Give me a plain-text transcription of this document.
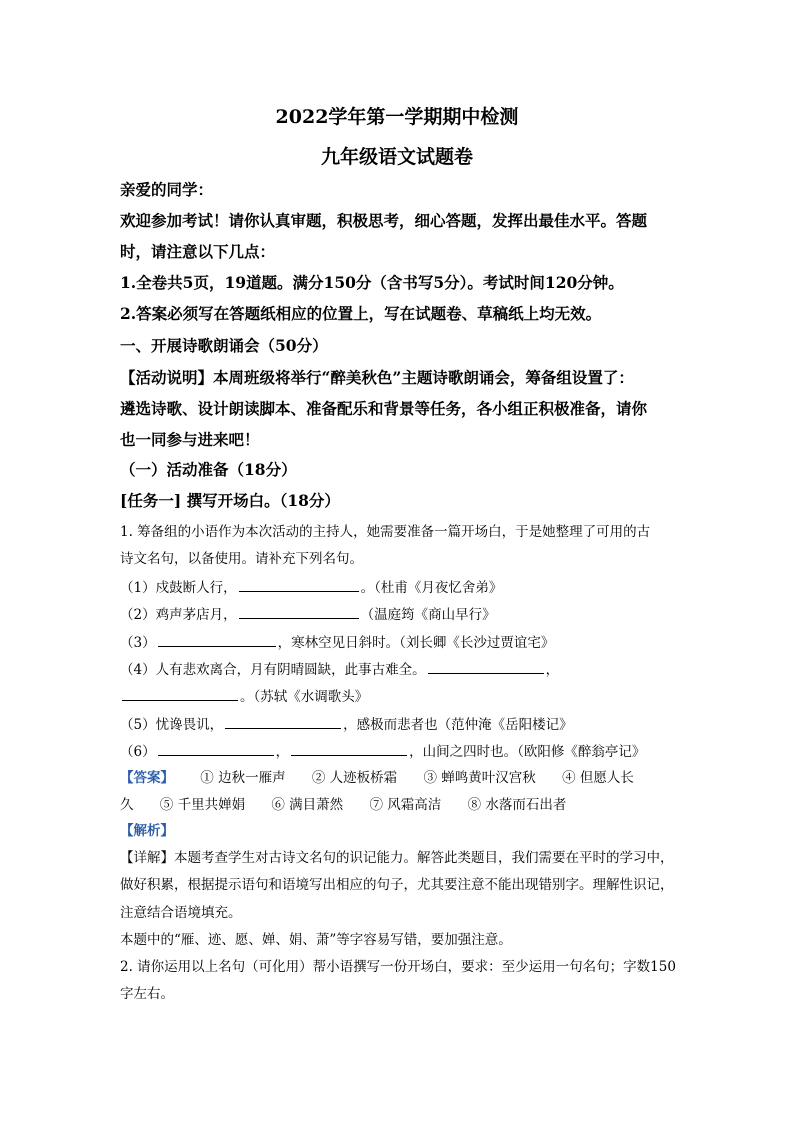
2022学年第一学期期中检测
九年级语文试题卷
亲爱的同学：
欢迎参加考试！请你认真审题，积极思考，细心答题，发挥出最佳水平。答题
时，请注意以下几点：
1.全卷共5页，19道题。满分150分（含书写5分）。考试时间120分钟。
2.答案必须写在答题纸相应的位置上，写在试题卷、草稿纸上均无效。
一、开展诗歌朗诵会（50分）
【活动说明】本周班级将举行“醉美秋色”主题诗歌朗诵会，筹备组设置了：
遴选诗歌、设计朗读脚本、准备配乐和背景等任务，各小组正积极准备，请你
也一同参与进来吧！
（一）活动准备（18分）
[任务一] 撰写开场白。（18分）
1. 筹备组的小语作为本次活动的主持人，她需要准备一篇开场白，于是她整理了可用的古
诗文名句，以备使用。请补充下列名句。
（1）戍鼓断人行，	。（杜甫《月夜忆舍弟》
（2）鸡声茅店月，	（温庭筠《商山早行》
（3）	，寒林空见日斜时。（刘长卿《长沙过贾谊宅》
（4）人有悲欢离合，月有阴晴圆缺，此事古难全。	，
。（苏轼《水调歌头》
（5）忧谗畏讥，	，感极而悲者也（范仲淹《岳阳楼记》
（6）	，	，山间之四时也。（欧阳修《醉翁亭记》
【答案】 ① 边秋一雁声 ② 人迹板桥霜 ③ 蝉鸣黄叶汉宫秋 ④ 但愿人长
久 ⑤ 千里共婵娟 ⑥ 满目萧然 ⑦ 风霜高洁 ⑧ 水落而石出者
【解析】
【详解】本题考查学生对古诗文名句的识记能力。解答此类题目，我们需要在平时的学习中，
做好积累，根据提示语句和语境写出相应的句子，尤其要注意不能出现错别字。理解性识记，
注意结合语境填充。
本题中的“雁、迹、愿、婵、娟、萧”等字容易写错，要加强注意。
2. 请你运用以上名句（可化用）帮小语撰写一份开场白，要求：至少运用一句名句；字数150
字左右。
